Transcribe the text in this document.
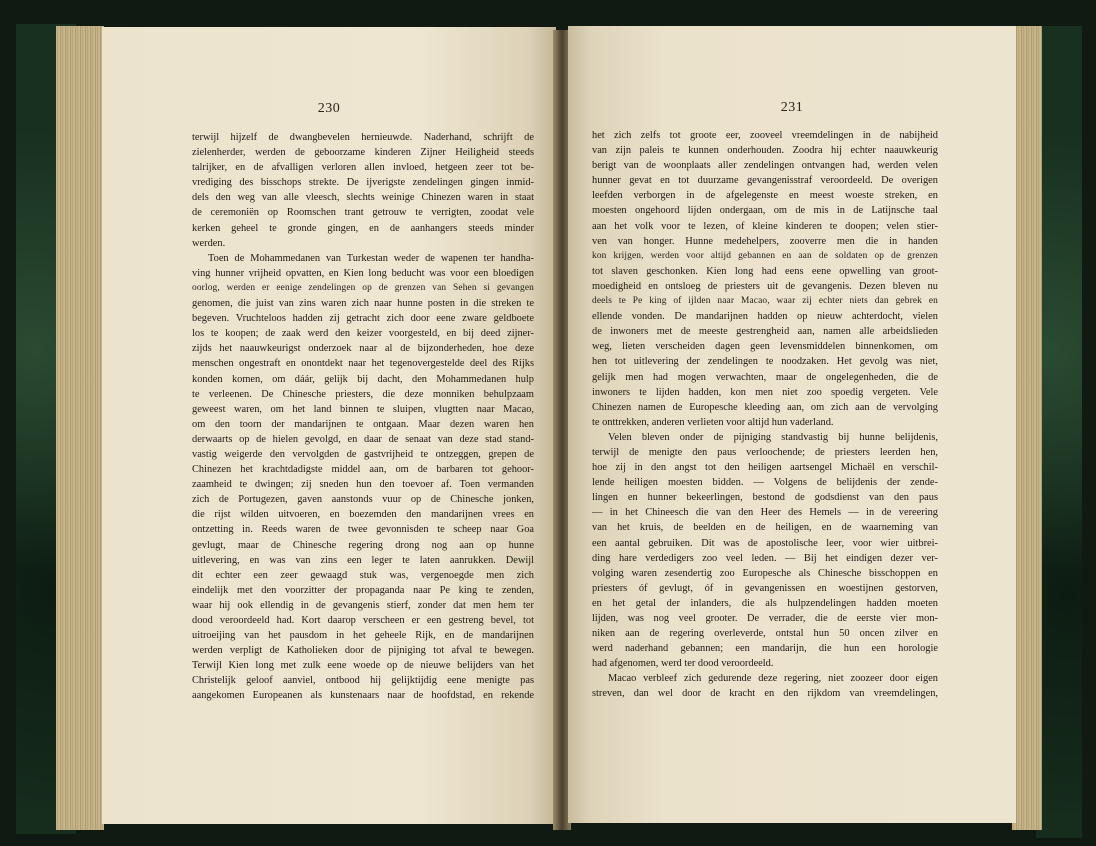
230
terwijl hijzelf de dwangbevelen hernieuwde. Naderhand, schrijft de
zielenherder, werden de geboorzame kinderen Zijner Heiligheid steeds
talrijker, en de afvalligen verloren allen invloed, hetgeen zeer tot be-
vrediging des bisschops strekte. De ijverigste zendelingen gingen inmid-
dels den weg van alle vleesch, slechts weinige Chinezen waren in staat
de ceremoniën op Roomschen trant getrouw te verrigten, zoodat vele
kerken geheel te gronde gingen, en de aanhangers steeds minder
werden.
Toen de Mohammedanen van Turkestan weder de wapenen ter handha-
ving hunner vrijheid opvatten, en Kien long beducht was voor een bloedigen
oorlog, werden er eenige zendelingen op de grenzen van Sehen si gevangen
genomen, die juist van zins waren zich naar hunne posten in die streken te
begeven. Vruchteloos hadden zij getracht zich door eene zware geldboete
los te koopen; de zaak werd den keizer voorgesteld, en bij deed zijner-
zijds het naauwkeurigst onderzoek naar al de bijzonderheden, hoe deze
menschen ongestraft en onontdekt naar het tegenovergestelde deel des Rijks
konden komen, om dáár, gelijk bij dacht, den Mohammedanen hulp
te verleenen. De Chinesche priesters, die deze monniken behulpzaam
geweest waren, om het land binnen te sluipen, vlugtten naar Macao,
om den toorn der mandarijnen te ontgaan. Maar dezen waren hen
derwaarts op de hielen gevolgd, en daar de senaat van deze stad stand-
vastig weigerde den vervolgden de gastvrijheid te ontzeggen, grepen de
Chinezen het krachtdadigste middel aan, om de barbaren tot gehoor-
zaamheid te dwingen; zij sneden hun den toevoer af. Toen vermanden
zich de Portugezen, gaven aanstonds vuur op de Chinesche jonken,
die rijst wilden uitvoeren, en boezemden den mandarijnen vrees en
ontzetting in. Reeds waren de twee gevonnisden te scheep naar Goa
gevlugt, maar de Chinesche regering drong nog aan op hunne
uitlevering, en was van zins een leger te laten aanrukken. Dewijl
dit echter een zeer gewaagd stuk was, vergenoegde men zich
eindelijk met den voorzitter der propaganda naar Pe king te zenden,
waar hij ook ellendig in de gevangenis stierf, zonder dat men hem ter
dood veroordeeld had. Kort daarop verscheen er een gestreng bevel, tot
uitroeijing van het pausdom in het geheele Rijk, en de mandarijnen
werden verpligt de Katholieken door de pijniging tot afval te bewegen.
Terwijl Kien long met zulk eene woede op de nieuwe belijders van het
Christelijk geloof aanviel, ontbood hij gelijktijdig eene menigte pas
aangekomen Europeanen als kunstenaars naar de hoofdstad, en rekende
231
het zich zelfs tot groote eer, zooveel vreemdelingen in de nabijheid
van zijn paleis te kunnen onderhouden. Zoodra hij echter naauwkeurig
berigt van de woonplaats aller zendelingen ontvangen had, werden velen
hunner gevat en tot duurzame gevangenisstraf veroordeeld. De overigen
leefden verborgen in de afgelegenste en meest woeste streken, en
moesten ongehoord lijden ondergaan, om de mis in de Latijnsche taal
aan het volk voor te lezen, of kleine kinderen te doopen; velen stier-
ven van honger. Hunne medehelpers, zooverre men die in handen
kon krijgen, werden voor altijd gebannen en aan de soldaten op de grenzen
tot slaven geschonken. Kien long had eens eene opwelling van groot-
moedigheid en ontsloeg de priesters uit de gevangenis. Dezen bleven nu
deels te Pe king of ijlden naar Macao, waar zij echter niets dan gebrek en
ellende vonden. De mandarijnen hadden op nieuw achterdocht, vielen
de inwoners met de meeste gestrengheid aan, namen alle arbeidslieden
weg, lieten verscheiden dagen geen levensmiddelen binnenkomen, om
hen tot uitlevering der zendelingen te noodzaken. Het gevolg was niet,
gelijk men had mogen verwachten, maar de ongelegenheden, die de
inwoners te lijden hadden, kon men niet zoo spoedig vergeten. Vele
Chinezen namen de Europesche kleeding aan, om zich aan de vervolging
te onttrekken, anderen verlieten voor altijd hun vaderland.
Velen bleven onder de pijniging standvastig bij hunne belijdenis,
terwijl de menigte den paus verloochende; de priesters leerden hen,
hoe zij in den angst tot den heiligen aartsengel Michaël en verschil-
lende heiligen moesten bidden. — Volgens de belijdenis der zende-
lingen en hunner bekeerlingen, bestond de godsdienst van den paus
— in het Chineesch die van den Heer des Hemels — in de vereering
van het kruis, de beelden en de heiligen, en de waarneming van
een aantal gebruiken. Dit was de apostolische leer, voor wier uitbrei-
ding hare verdedigers zoo veel leden. — Bij het eindigen dezer ver-
volging waren zesendertig zoo Europesche als Chinesche bisschoppen en
priesters óf gevlugt, óf in gevangenissen en woestijnen gestorven,
en het getal der inlanders, die als hulpzendelingen hadden moeten
lijden, was nog veel grooter. De verrader, die de eerste vier mon-
niken aan de regering overleverde, ontstal hun 50 oncen zilver en
werd naderhand gebannen; een mandarijn, die hun een horologie
had afgenomen, werd ter dood veroordeeld.
Macao verbleef zich gedurende deze regering, niet zoozeer door eigen
streven, dan wel door de kracht en den rijkdom van vreemdelingen,
